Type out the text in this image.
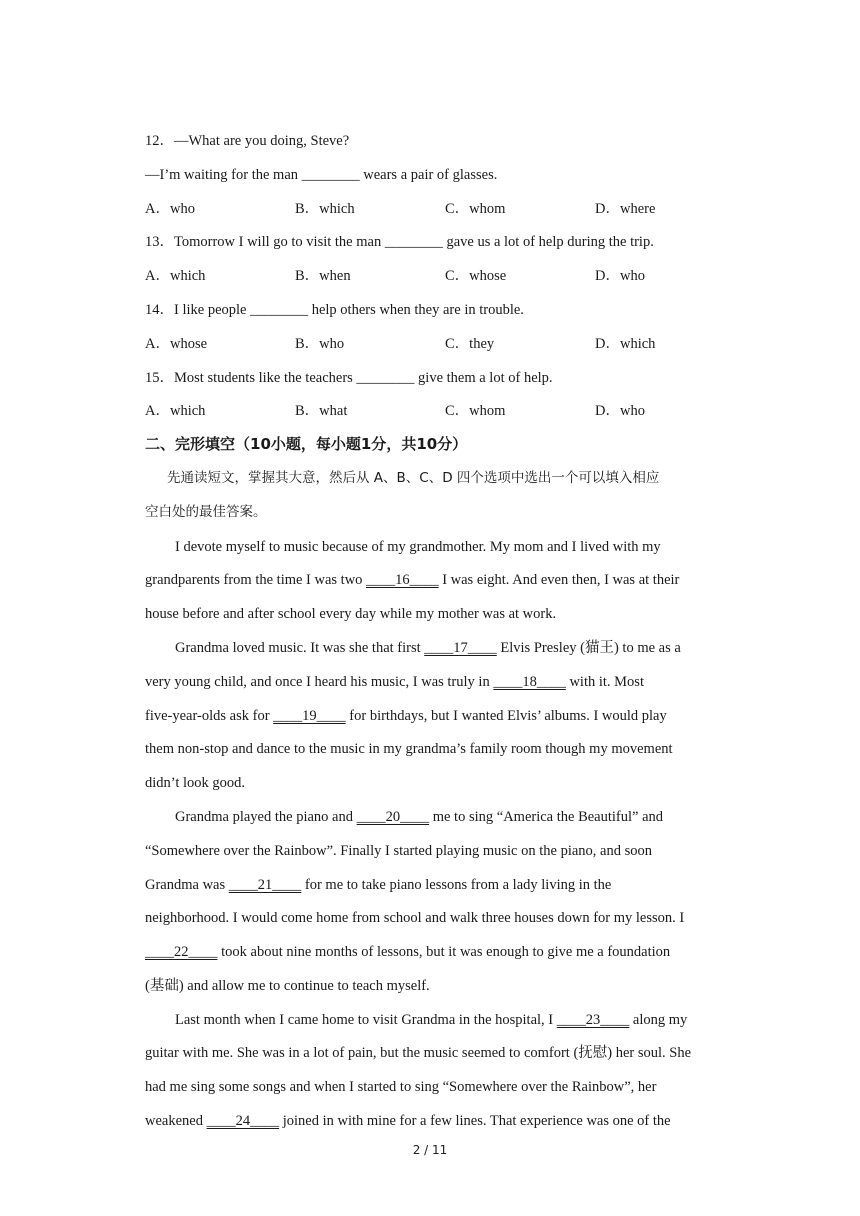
12．—What are you doing, Steve?
—I’m waiting for the man ________ wears a pair of glasses.
A．who	B．which	C．whom	D．where
13．Tomorrow I will go to visit the man ________ gave us a lot of help during the trip.
A．which	B．when	C．whose	D．who
14．I like people ________ help others when they are in trouble.
A．whose	B．who	C．they	D．which
15．Most students like the teachers ________ give them a lot of help.
A．which	B．what	C．whom	D．who
二、完形填空（10小题，每小题1分，共10分）
先通读短文，掌握其大意，然后从 A、B、C、D 四个选项中选出一个可以填入相应
空白处的最佳答案。
I devote myself to music because of my grandmother. My mom and I lived with my
grandparents from the time I was two ____16____ I was eight. And even then, I was at their
house before and after school every day while my mother was at work.
Grandma loved music. It was she that first ____17____ Elvis Presley (猫王) to me as a
very young child, and once I heard his music, I was truly in ____18____ with it. Most
five-year-olds ask for ____19____ for birthdays, but I wanted Elvis’ albums. I would play
them non-stop and dance to the music in my grandma’s family room though my movement
didn’t look good.
Grandma played the piano and ____20____ me to sing “America the Beautiful” and
“Somewhere over the Rainbow”. Finally I started playing music on the piano, and soon
Grandma was ____21____ for me to take piano lessons from a lady living in the
neighborhood. I would come home from school and walk three houses down for my lesson. I
____22____ took about nine months of lessons, but it was enough to give me a foundation
(基础) and allow me to continue to teach myself.
Last month when I came home to visit Grandma in the hospital, I ____23____ along my
guitar with me. She was in a lot of pain, but the music seemed to comfort (抚慰) her soul. She
had me sing some songs and when I started to sing “Somewhere over the Rainbow”, her
weakened ____24____ joined in with mine for a few lines. That experience was one of the
2 / 11
